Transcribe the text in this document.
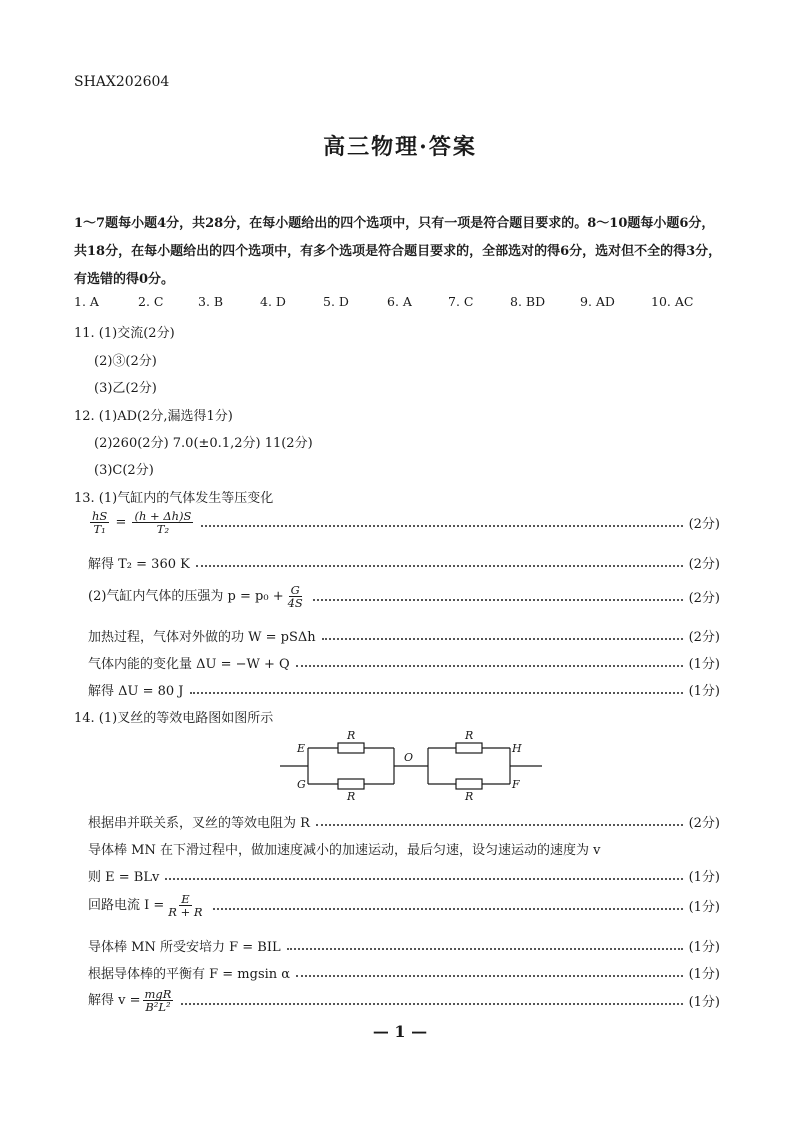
SHAX202604
高三物理·答案
1～7题每小题4分，共28分，在每小题给出的四个选项中，只有一项是符合题目要求的。8～10题每小题6分，
共18分，在每小题给出的四个选项中，有多个选项是符合题目要求的，全部选对的得6分，选对但不全的得3分，
有选错的得0分。
1. A	2. C	3. B	4. D	5. D	6. A	7. C	8. BD	9. AD	10. AC
11. (1)交流(2分)
(2)③(2分)
(3)乙(2分)
12. (1)AD(2分,漏选得1分)
(2)260(2分) 7.0(±0.1,2分) 11(2分)
(3)C(2分)
13. (1)气缸内的气体发生等压变化
$\frac{hS}{\text{T₁}} = \frac{(h + \Delta h)S}{\text{T₂}}$	(2分)
解得 T₂ = 360 K	(2分)
(2)气缸内气体的压强为 $p = p_0 + \frac{G}{4S}$	(2分)
加热过程，气体对外做的功 W = pSΔh	(2分)
气体内能的变化量 ΔU = −W + Q	(1分)
解得 ΔU = 80 J	(1分)
14. (1)叉丝的等效电路图如图所示
E
G
O
H
F
R
R
R
R
根据串并联关系，叉丝的等效电阻为 R	(2分)
导体棒 MN 在下滑过程中，做加速度减小的加速运动，最后匀速，设匀速运动的速度为 v
则 E = BLv	(1分)
回路电流 $I = \frac{E}{R + R}$	(1分)
导体棒 MN 所受安培力 F = BIL	(1分)
根据导体棒的平衡有 F = mgsin α	(1分)
解得 $v = \frac{\text{mgR}}{\text{B²L²}}$	(1分)
— 1 —
